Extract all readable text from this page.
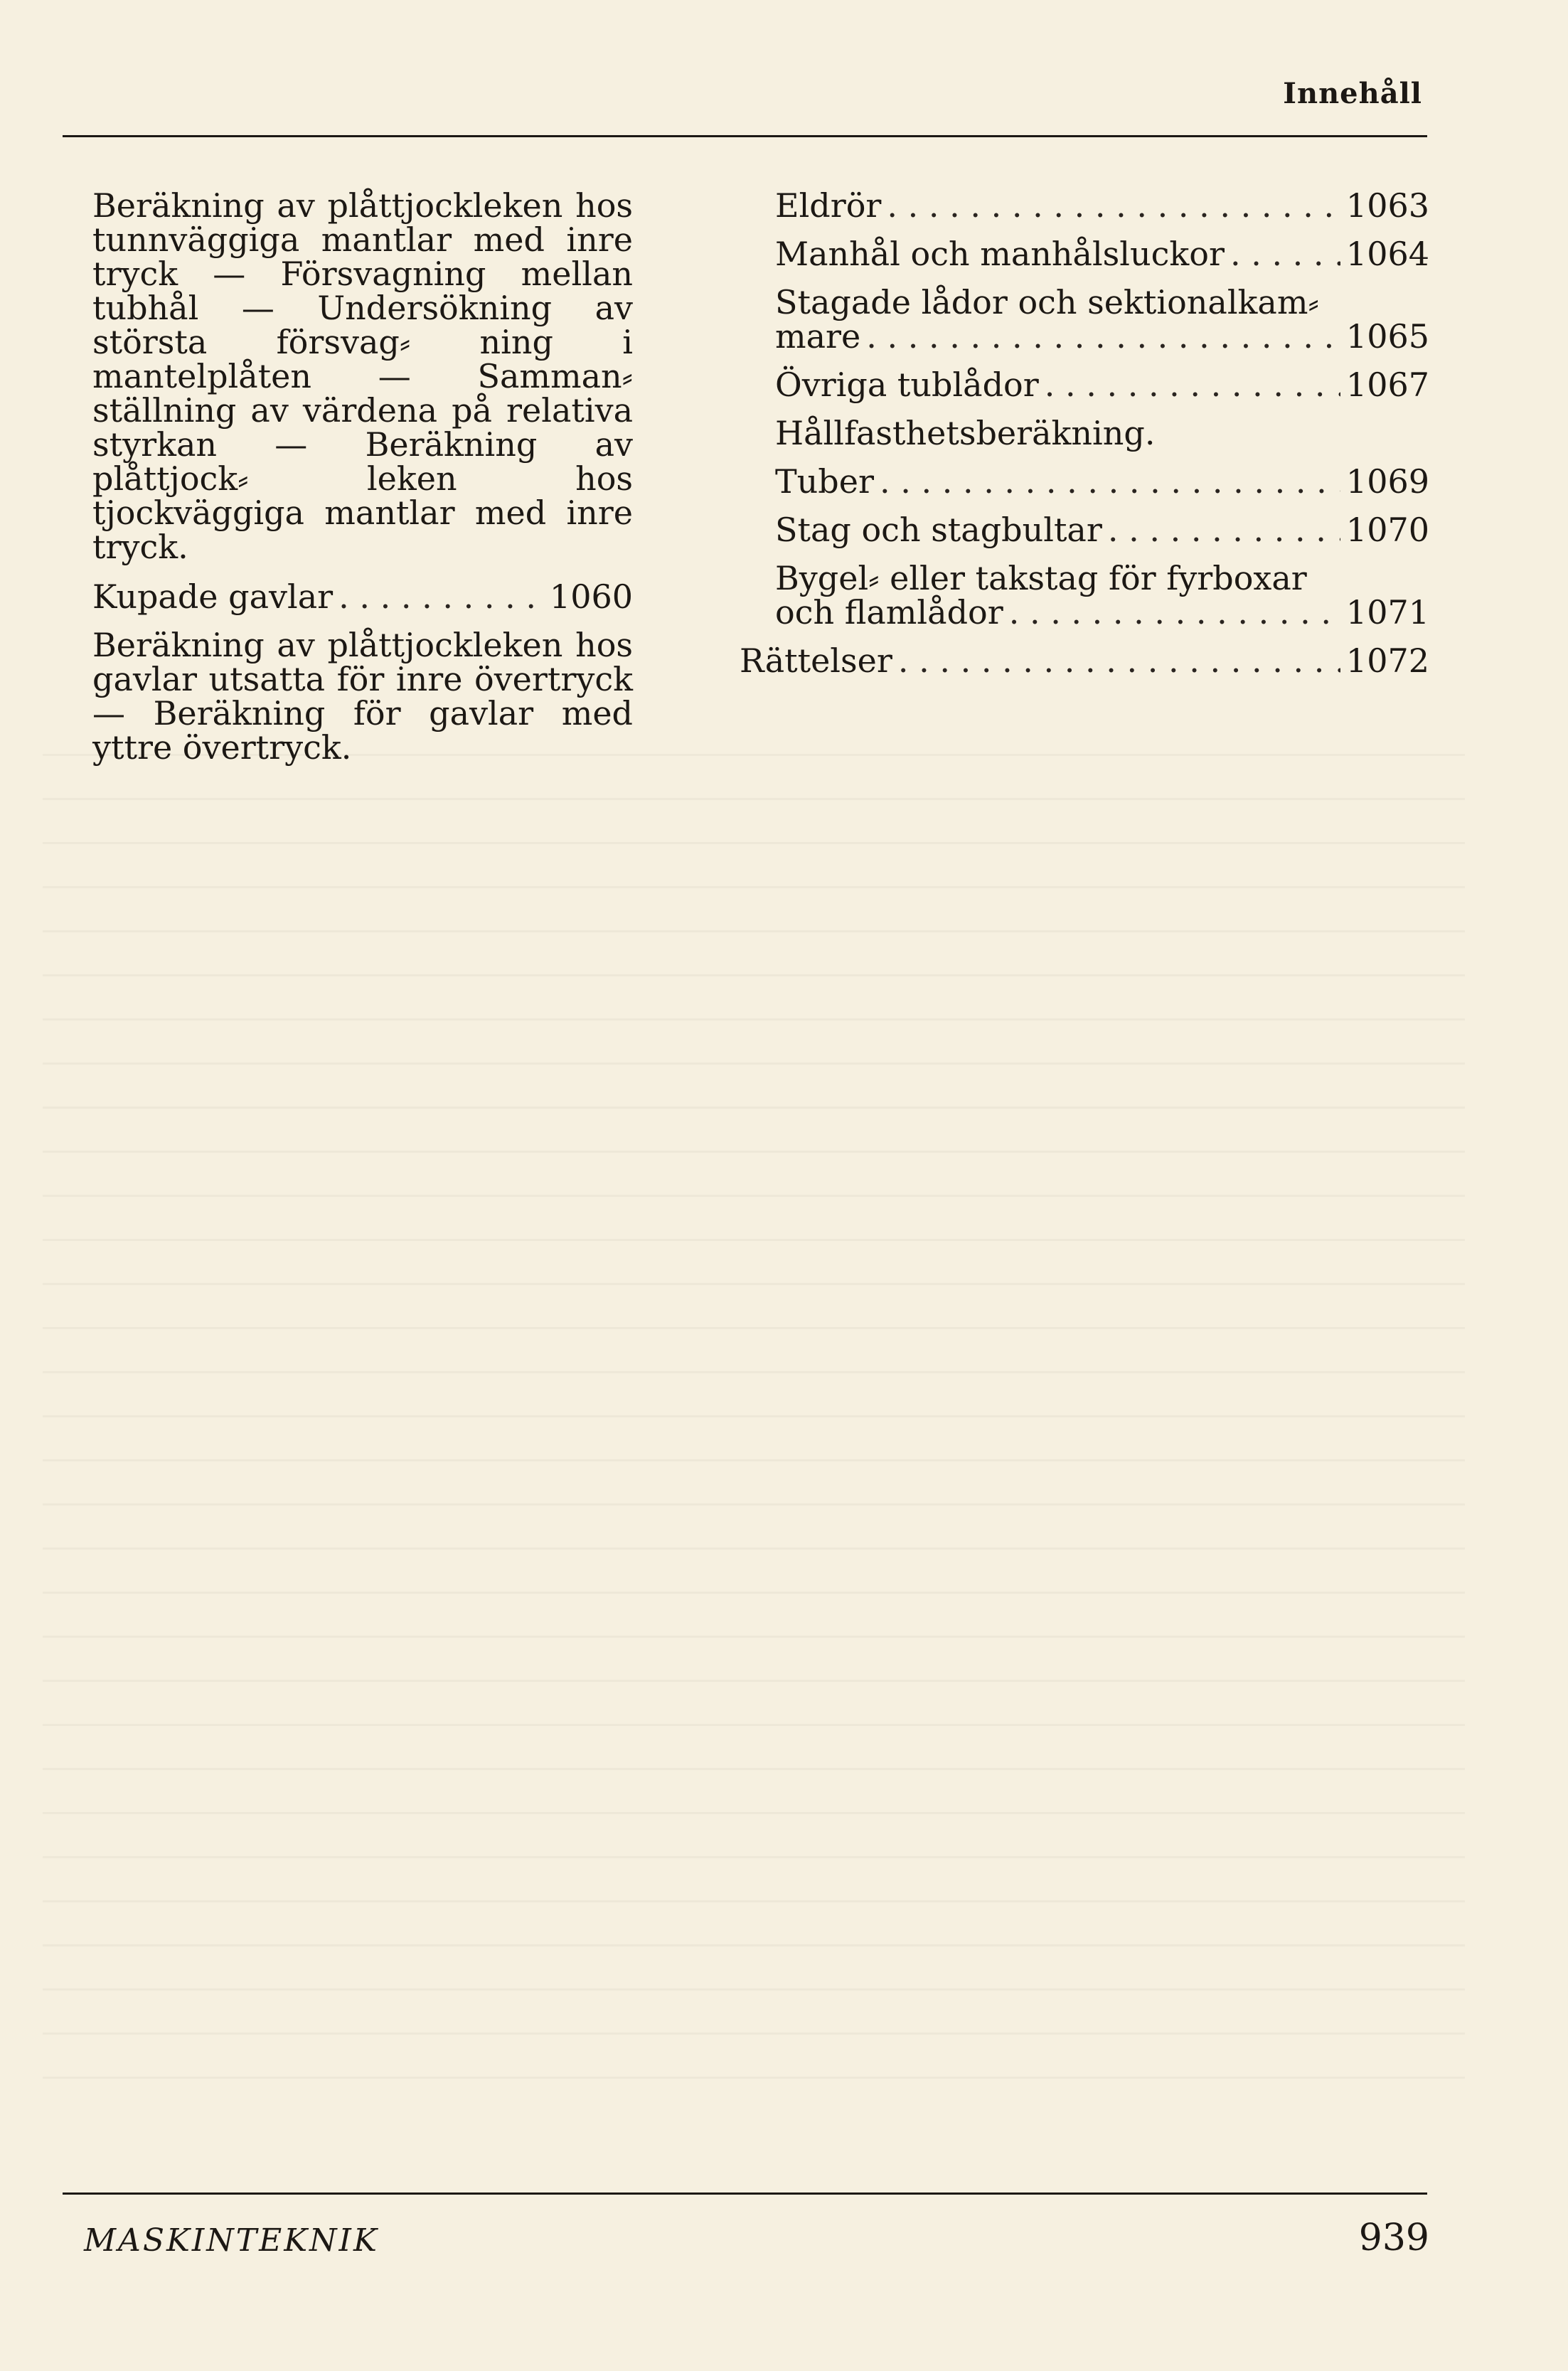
Innehåll

Beräkning av plåttjockleken hos tunnväggiga mantlar med inre tryck — Försvagning mellan tubhål — Undersökning av största försvag⸗ ning i mantelplåten — Samman⸗ ställning av värdena på relativa styrkan — Beräkning av plåttjock⸗ leken hos tjockväggiga mantlar med inre tryck.

Kupade gavlar . . .	1060

Beräkning av plåttjockleken hos gavlar utsatta för inre övertryck — Beräkning för gavlar med yttre övertryck.

Eldrör . . .	1063
Manhål och manhålsluckor . . .	1064
Stagade lådor och sektionalkam⸗
mare . . .	1065
Övriga tublådor . . .	1067
Hållfasthetsberäkning.
Tuber . . .	1069
Stag och stagbultar . . .	1070
Bygel⸗ eller takstag för fyrboxar
och flamlådor . . .	1071
Rättelser . . .	1072
MASKINTEKNIK	939
